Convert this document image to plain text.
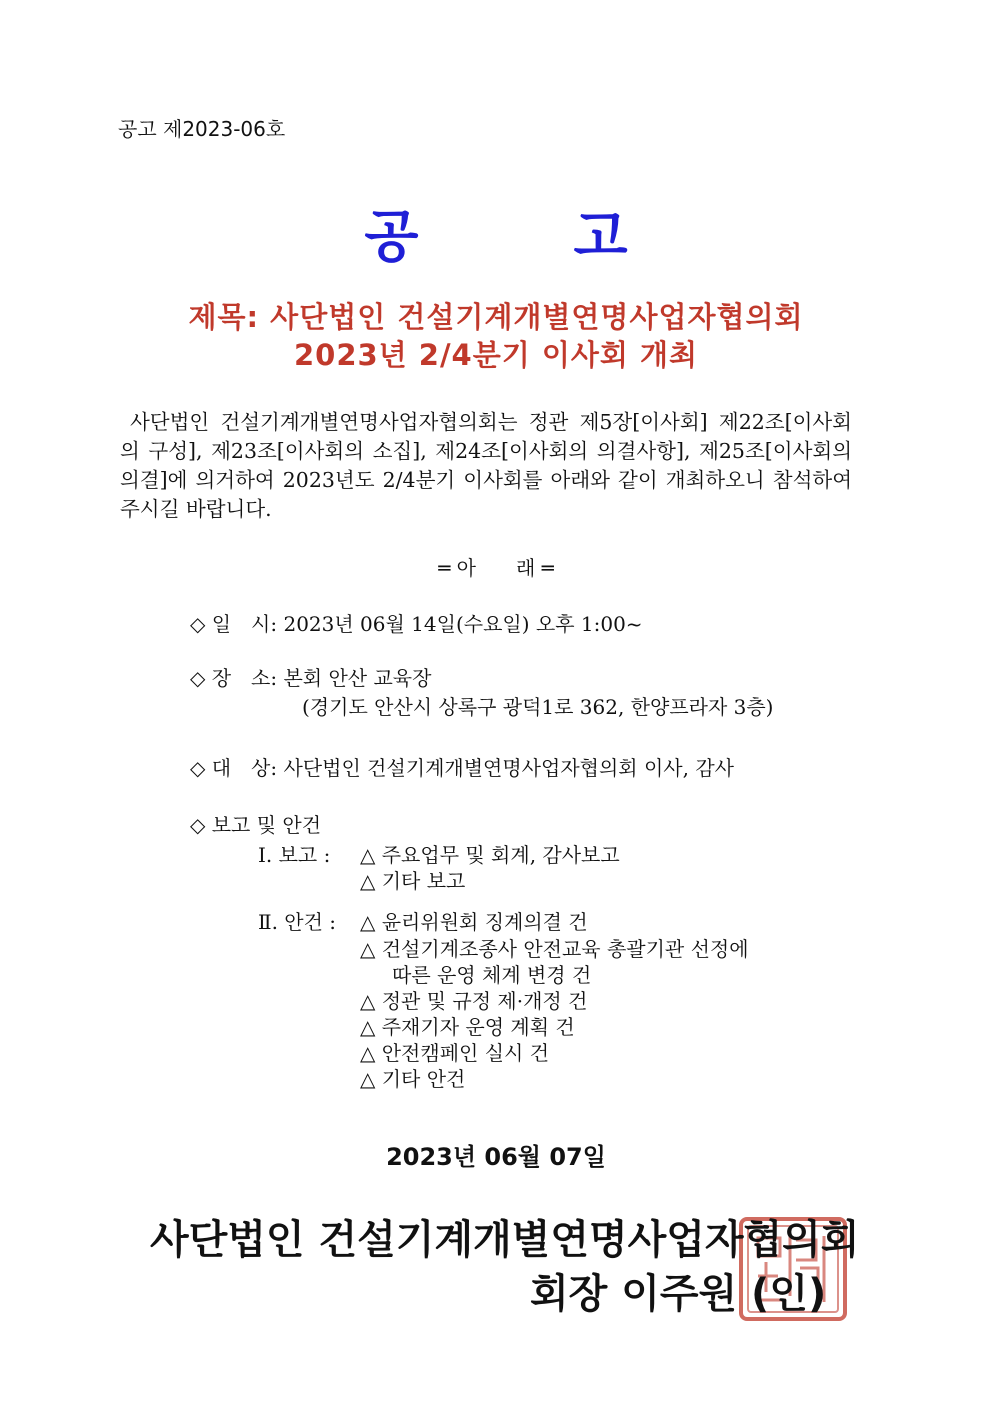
공고 제2023-06호
공	고
제목: 사단법인 건설기계개별연명사업자협의회
2023년 2/4분기 이사회 개최
사단법인 건설기계개별연명사업자협의회는 정관 제5장[이사회] 제22조[이사회의 구성], 제23조[이사회의 소집], 제24조[이사회의 의결사항], 제25조[이사회의 의결]에 의거하여 2023년도 2/4분기 이사회를 아래와 같이 개최하오니 참석하여 주시길 바랍니다.
═ 아　　래 ═
◇ 일　시: 2023년 06월 14일(수요일) 오후 1:00~
◇ 장　소: 본회 안산 교육장
(경기도 안산시 상록구 광덕1로 362, 한양프라자 3층)
◇ 대　상: 사단법인 건설기계개별연명사업자협의회 이사, 감사
◇ 보고 및 안건
Ⅰ. 보고 : △ 주요업무 및 회계, 감사보고
△ 기타 보고
Ⅱ. 안건 : △ 윤리위원회 징계의결 건
△ 건설기계조종사 안전교육 총괄기관 선정에
따른 운영 체계 변경 건
△ 정관 및 규정 제·개정 건
△ 주재기자 운영 계획 건
△ 안전캠페인 실시 건
△ 기타 안건
2023년 06월 07일
사단법인 건설기계개별연명사업자협의회
회장 이주원 (인)
